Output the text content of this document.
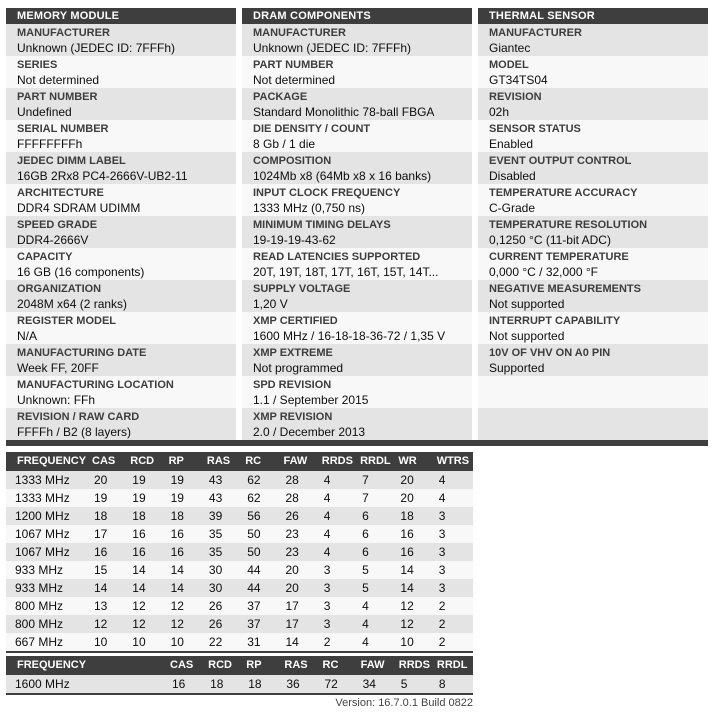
MEMORY MODULE
MANUFACTURER
Unknown (JEDEC ID: 7FFFh)
SERIES
Not determined
PART NUMBER
Undefined
SERIAL NUMBER
FFFFFFFFh
JEDEC DIMM LABEL
16GB 2Rx8 PC4-2666V-UB2-11
ARCHITECTURE
DDR4 SDRAM UDIMM
SPEED GRADE
DDR4-2666V
CAPACITY
16 GB (16 components)
ORGANIZATION
2048M x64 (2 ranks)
REGISTER MODEL
N/A
MANUFACTURING DATE
Week FF, 20FF
MANUFACTURING LOCATION
Unknown: FFh
REVISION / RAW CARD
FFFFh / B2 (8 layers)
DRAM COMPONENTS
MANUFACTURER
Unknown (JEDEC ID: 7FFFh)
PART NUMBER
Not determined
PACKAGE
Standard Monolithic 78-ball FBGA
DIE DENSITY / COUNT
8 Gb / 1 die
COMPOSITION
1024Mb x8 (64Mb x8 x 16 banks)
INPUT CLOCK FREQUENCY
1333 MHz (0,750 ns)
MINIMUM TIMING DELAYS
19-19-19-43-62
READ LATENCIES SUPPORTED
20T, 19T, 18T, 17T, 16T, 15T, 14T...
SUPPLY VOLTAGE
1,20 V
XMP CERTIFIED
1600 MHz / 16-18-18-36-72 / 1,35 V
XMP EXTREME
Not programmed
SPD REVISION
1.1 / September 2015
XMP REVISION
2.0 / December 2013
THERMAL SENSOR
MANUFACTURER
Giantec
MODEL
GT34TS04
REVISION
02h
SENSOR STATUS
Enabled
EVENT OUTPUT CONTROL
Disabled
TEMPERATURE ACCURACY
C-Grade
TEMPERATURE RESOLUTION
0,1250 °C (11-bit ADC)
CURRENT TEMPERATURE
0,000 °C / 32,000 °F
NEGATIVE MEASUREMENTS
Not supported
INTERRUPT CAPABILITY
Not supported
10V OF VHV ON A0 PIN
Supported
FREQUENCY CAS	RCD	RP	RAS	RC	FAW	RRDS RRDL WR	WTRS
1333 MHz	20	19	19	43	62	28	4	7	20	4
1333 MHz	19	19	19	43	62	28	4	7	20	4
1200 MHz	18	18	18	39	56	26	4	6	18	3
1067 MHz	17	16	16	35	50	23	4	6	16	3
1067 MHz	16	16	16	35	50	23	4	6	16	3
933 MHz	15	14	14	30	44	20	3	5	14	3
933 MHz	14	14	14	30	44	20	3	5	14	3
800 MHz	13	12	12	26	37	17	3	4	12	2
800 MHz	12	12	12	26	37	17	3	4	12	2
667 MHz	10	10	10	22	31	14	2	4	10	2
FREQUENCY	CAS	RCD	RP	RAS	RC	FAW	RRDS RRDL
1600 MHz	16	18	18	36	72	34	5	8
Version: 16.7.0.1 Build 0822
